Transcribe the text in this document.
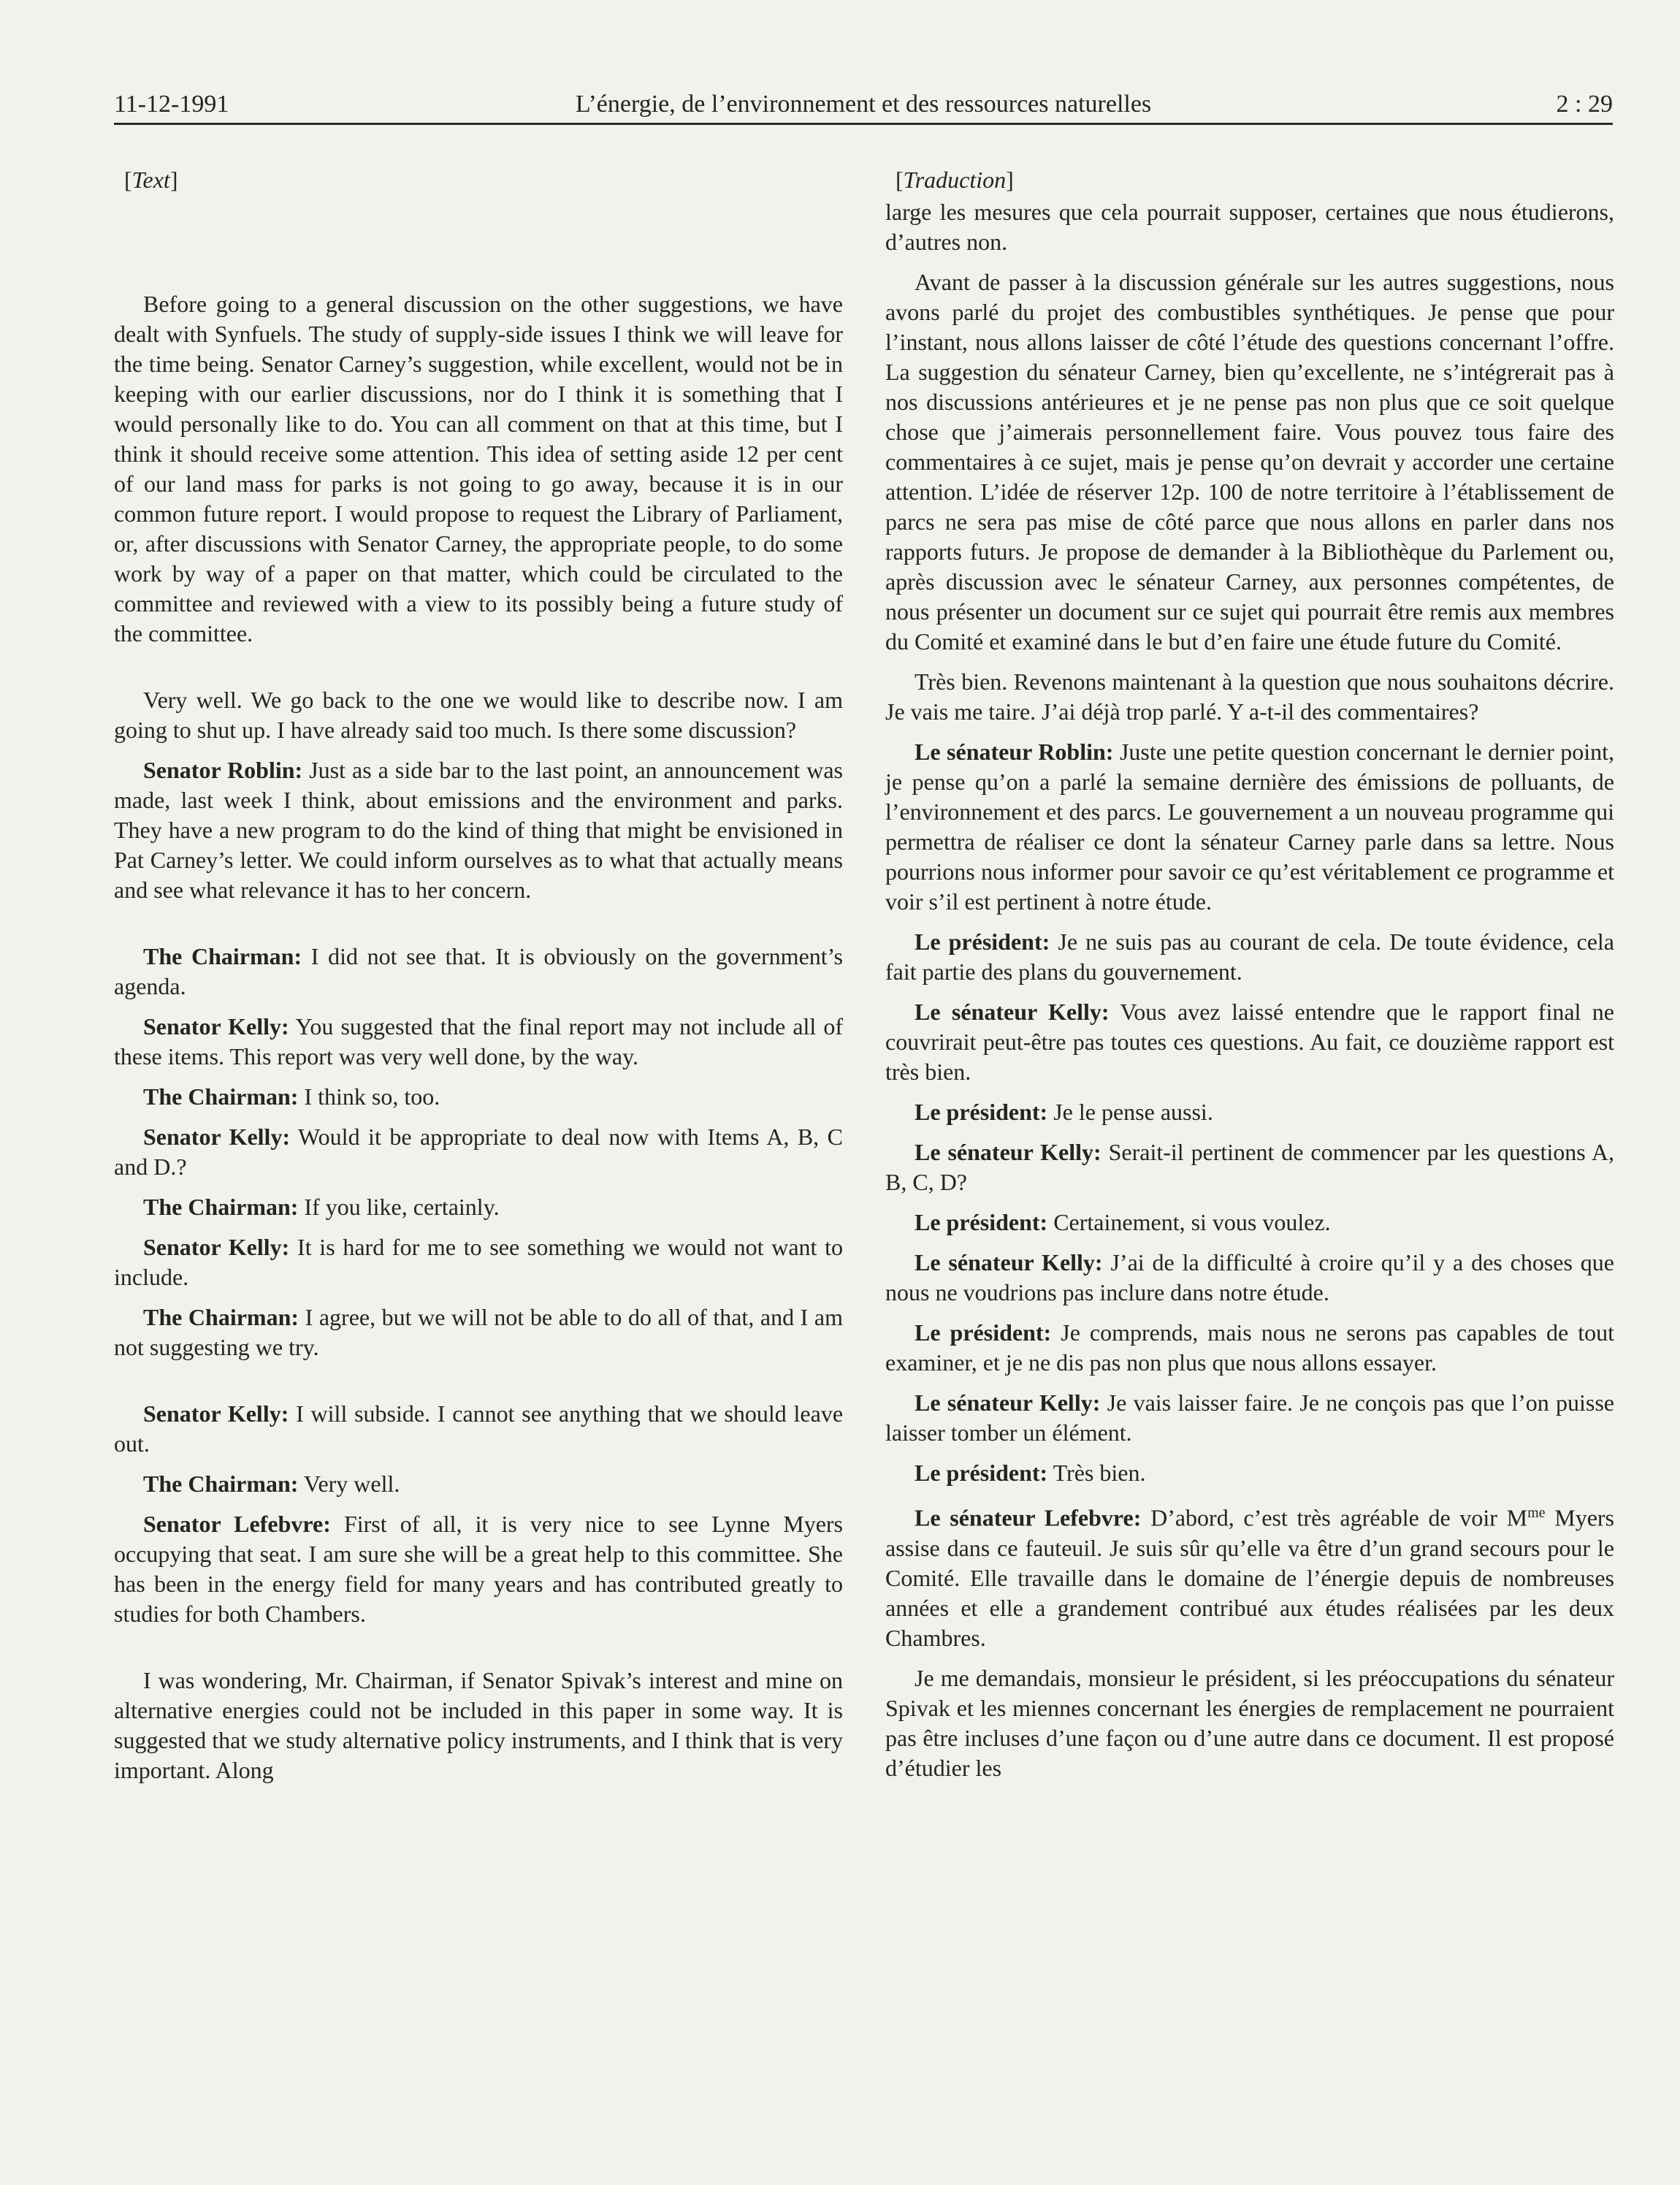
11-12-1991	L’énergie, de l’environnement et des ressources naturelles	2 : 29
[Text]

Before going to a general discussion on the other suggestions, we have dealt with Synfuels. The study of supply-side issues I think we will leave for the time being. Senator Carney’s suggestion, while excellent, would not be in keeping with our earlier discussions, nor do I think it is something that I would personally like to do. You can all comment on that at this time, but I think it should receive some attention. This idea of setting aside 12 per cent of our land mass for parks is not going to go away, because it is in our common future report. I would propose to request the Library of Parliament, or, after discussions with Senator Carney, the appropriate people, to do some work by way of a paper on that matter, which could be circulated to the committee and reviewed with a view to its possibly being a future study of the committee.

Very well. We go back to the one we would like to describe now. I am going to shut up. I have already said too much. Is there some discussion?

Senator Roblin: Just as a side bar to the last point, an announcement was made, last week I think, about emissions and the environment and parks. They have a new program to do the kind of thing that might be envisioned in Pat Carney’s letter. We could inform ourselves as to what that actually means and see what relevance it has to her concern.

The Chairman: I did not see that. It is obviously on the government’s agenda.

Senator Kelly: You suggested that the final report may not include all of these items. This report was very well done, by the way.

The Chairman: I think so, too.

Senator Kelly: Would it be appropriate to deal now with Items A, B, C and D.?

The Chairman: If you like, certainly.

Senator Kelly: It is hard for me to see something we would not want to include.

The Chairman: I agree, but we will not be able to do all of that, and I am not suggesting we try.

Senator Kelly: I will subside. I cannot see anything that we should leave out.

The Chairman: Very well.

Senator Lefebvre: First of all, it is very nice to see Lynne Myers occupying that seat. I am sure she will be a great help to this committee. She has been in the energy field for many years and has contributed greatly to studies for both Chambers.

I was wondering, Mr. Chairman, if Senator Spivak’s interest and mine on alternative energies could not be included in this paper in some way. It is suggested that we study alternative policy instruments, and I think that is very important. Along

[Traduction]

large les mesures que cela pourrait supposer, certaines que nous étudierons, d’autres non.

Avant de passer à la discussion générale sur les autres suggestions, nous avons parlé du projet des combustibles synthétiques. Je pense que pour l’instant, nous allons laisser de côté l’étude des questions concernant l’offre. La suggestion du sénateur Carney, bien qu’excellente, ne s’intégrerait pas à nos discussions antérieures et je ne pense pas non plus que ce soit quelque chose que j’aimerais personnellement faire. Vous pouvez tous faire des commentaires à ce sujet, mais je pense qu’on devrait y accorder une certaine attention. L’idée de réserver 12p. 100 de notre territoire à l’établissement de parcs ne sera pas mise de côté parce que nous allons en parler dans nos rapports futurs. Je propose de demander à la Bibliothèque du Parlement ou, après discussion avec le sénateur Carney, aux personnes compétentes, de nous présenter un document sur ce sujet qui pourrait être remis aux membres du Comité et examiné dans le but d’en faire une étude future du Comité.

Très bien. Revenons maintenant à la question que nous souhaitons décrire. Je vais me taire. J’ai déjà trop parlé. Y a-t-il des commentaires?

Le sénateur Roblin: Juste une petite question concernant le dernier point, je pense qu’on a parlé la semaine dernière des émissions de polluants, de l’environnement et des parcs. Le gouvernement a un nouveau programme qui permettra de réaliser ce dont la sénateur Carney parle dans sa lettre. Nous pourrions nous informer pour savoir ce qu’est véritablement ce programme et voir s’il est pertinent à notre étude.

Le président: Je ne suis pas au courant de cela. De toute évidence, cela fait partie des plans du gouvernement.

Le sénateur Kelly: Vous avez laissé entendre que le rapport final ne couvrirait peut-être pas toutes ces questions. Au fait, ce douzième rapport est très bien.

Le président: Je le pense aussi.

Le sénateur Kelly: Serait-il pertinent de commencer par les questions A, B, C, D?

Le président: Certainement, si vous voulez.

Le sénateur Kelly: J’ai de la difficulté à croire qu’il y a des choses que nous ne voudrions pas inclure dans notre étude.

Le président: Je comprends, mais nous ne serons pas capables de tout examiner, et je ne dis pas non plus que nous allons essayer.

Le sénateur Kelly: Je vais laisser faire. Je ne conçois pas que l’on puisse laisser tomber un élément.

Le président: Très bien.

Le sénateur Lefebvre: D’abord, c’est très agréable de voir $M^{me}$ Myers assise dans ce fauteuil. Je suis sûr qu’elle va être d’un grand secours pour le Comité. Elle travaille dans le domaine de l’énergie depuis de nombreuses années et elle a grandement contribué aux études réalisées par les deux Chambres.

Je me demandais, monsieur le président, si les préoccupations du sénateur Spivak et les miennes concernant les énergies de remplacement ne pourraient pas être incluses d’une façon ou d’une autre dans ce document. Il est proposé d’étudier les
